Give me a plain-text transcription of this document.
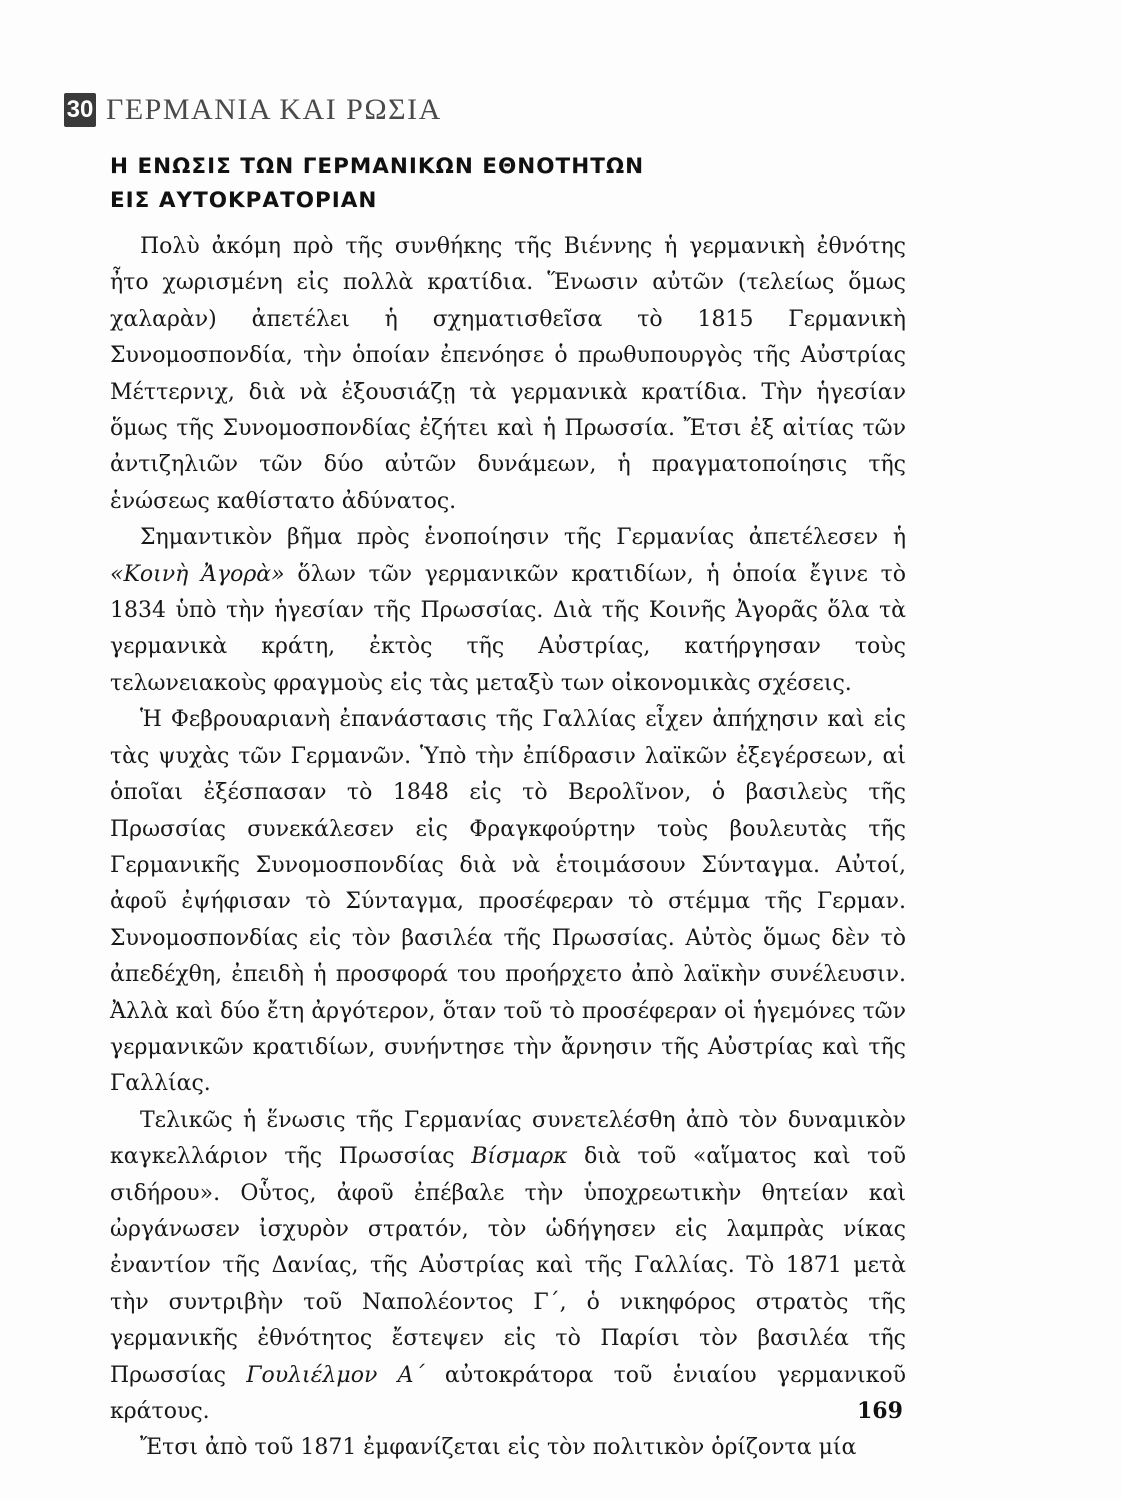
30 ΓΕΡΜΑΝΙΑ ΚΑΙ ΡΩΣΙΑ
Η ΕΝΩΣΙΣ ΤΩΝ ΓΕΡΜΑΝΙΚΩΝ ΕΘΝΟΤΗΤΩΝ
ΕΙΣ ΑΥΤΟΚΡΑΤΟΡΙΑΝ

Πολὺ ἀκόμη πρὸ τῆς συνθήκης τῆς Βιέννης ἡ γερμανικὴ ἐθνότης ἦτο χωρισμένη εἰς πολλὰ κρατίδια. Ἕνωσιν αὐτῶν (τελείως ὅμως χαλαρὰν) ἀπετέλει ἡ σχηματισθεῖσα τὸ 1815 Γερμανικὴ Συνομοσπονδία, τὴν ὁποίαν ἐπενόησε ὁ πρωθυπουργὸς τῆς Αὐστρίας Μέττερνιχ, διὰ νὰ ἐξουσιάζῃ τὰ γερμανικὰ κρατίδια. Τὴν ἡγεσίαν ὅμως τῆς Συνομοσπονδίας ἐζήτει καὶ ἡ Πρωσσία. Ἔτσι ἐξ αἰτίας τῶν ἀντιζηλιῶν τῶν δύο αὐτῶν δυνάμεων, ἡ πραγματοποίησις τῆς ἑνώσεως καθίστατο ἀδύνατος.

Σημαντικὸν βῆμα πρὸς ἑνοποίησιν τῆς Γερμανίας ἀπετέλεσεν ἡ «Κοινὴ Ἀγορὰ» ὅλων τῶν γερμανικῶν κρατιδίων, ἡ ὁποία ἔγινε τὸ 1834 ὑπὸ τὴν ἡγεσίαν τῆς Πρωσσίας. Διὰ τῆς Κοινῆς Ἀγορᾶς ὅλα τὰ γερμανικὰ κράτη, ἐκτὸς τῆς Αὐστρίας, κατήργησαν τοὺς τελωνειακοὺς φραγμοὺς εἰς τὰς μεταξὺ των οἰκονομικὰς σχέσεις.

Ἡ Φεβρουαριανὴ ἐπανάστασις τῆς Γαλλίας εἶχεν ἀπήχησιν καὶ εἰς τὰς ψυχὰς τῶν Γερμανῶν. Ὑπὸ τὴν ἐπίδρασιν λαϊκῶν ἐξεγέρσεων, αἱ ὁποῖαι ἐξέσπασαν τὸ 1848 εἰς τὸ Βερολῖνον, ὁ βασιλεὺς τῆς Πρωσσίας συνεκάλεσεν εἰς Φραγκφούρτην τοὺς βουλευτὰς τῆς Γερμανικῆς Συνομοσπονδίας διὰ νὰ ἑτοιμάσουν Σύνταγμα. Αὐτοί, ἀφοῦ ἐψήφισαν τὸ Σύνταγμα, προσέφεραν τὸ στέμμα τῆς Γερμαν. Συνομοσπονδίας εἰς τὸν βασιλέα τῆς Πρωσσίας. Αὐτὸς ὅμως δὲν τὸ ἀπεδέχθη, ἐπειδὴ ἡ προσφορά του προήρχετο ἀπὸ λαϊκὴν συνέλευσιν. Ἀλλὰ καὶ δύο ἔτη ἀργότερον, ὅταν τοῦ τὸ προσέφεραν οἱ ἡγεμόνες τῶν γερμανικῶν κρατιδίων, συνήντησε τὴν ἄρνησιν τῆς Αὐστρίας καὶ τῆς Γαλλίας.

Τελικῶς ἡ ἕνωσις τῆς Γερμανίας συνετελέσθη ἀπὸ τὸν δυναμικὸν καγκελλάριον τῆς Πρωσσίας Βίσμαρκ διὰ τοῦ «αἵματος καὶ τοῦ σιδήρου». Οὗτος, ἀφοῦ ἐπέβαλε τὴν ὑποχρεωτικὴν θητείαν καὶ ὠργάνωσεν ἰσχυρὸν στρατόν, τὸν ὡδήγησεν εἰς λαμπρὰς νίκας ἐναντίον τῆς Δανίας, τῆς Αὐστρίας καὶ τῆς Γαλλίας. Τὸ 1871 μετὰ τὴν συντριβὴν τοῦ Ναπολέοντος Γ΄, ὁ νικηφόρος στρατὸς τῆς γερμανικῆς ἐθνότητος ἔστεψεν εἰς τὸ Παρίσι τὸν βασιλέα τῆς Πρωσσίας Γουλιέλμον Α΄ αὐτοκράτορα τοῦ ἑνιαίου γερμανικοῦ κράτους.

Ἔτσι ἀπὸ τοῦ 1871 ἐμφανίζεται εἰς τὸν πολιτικὸν ὁρίζοντα μία

169
